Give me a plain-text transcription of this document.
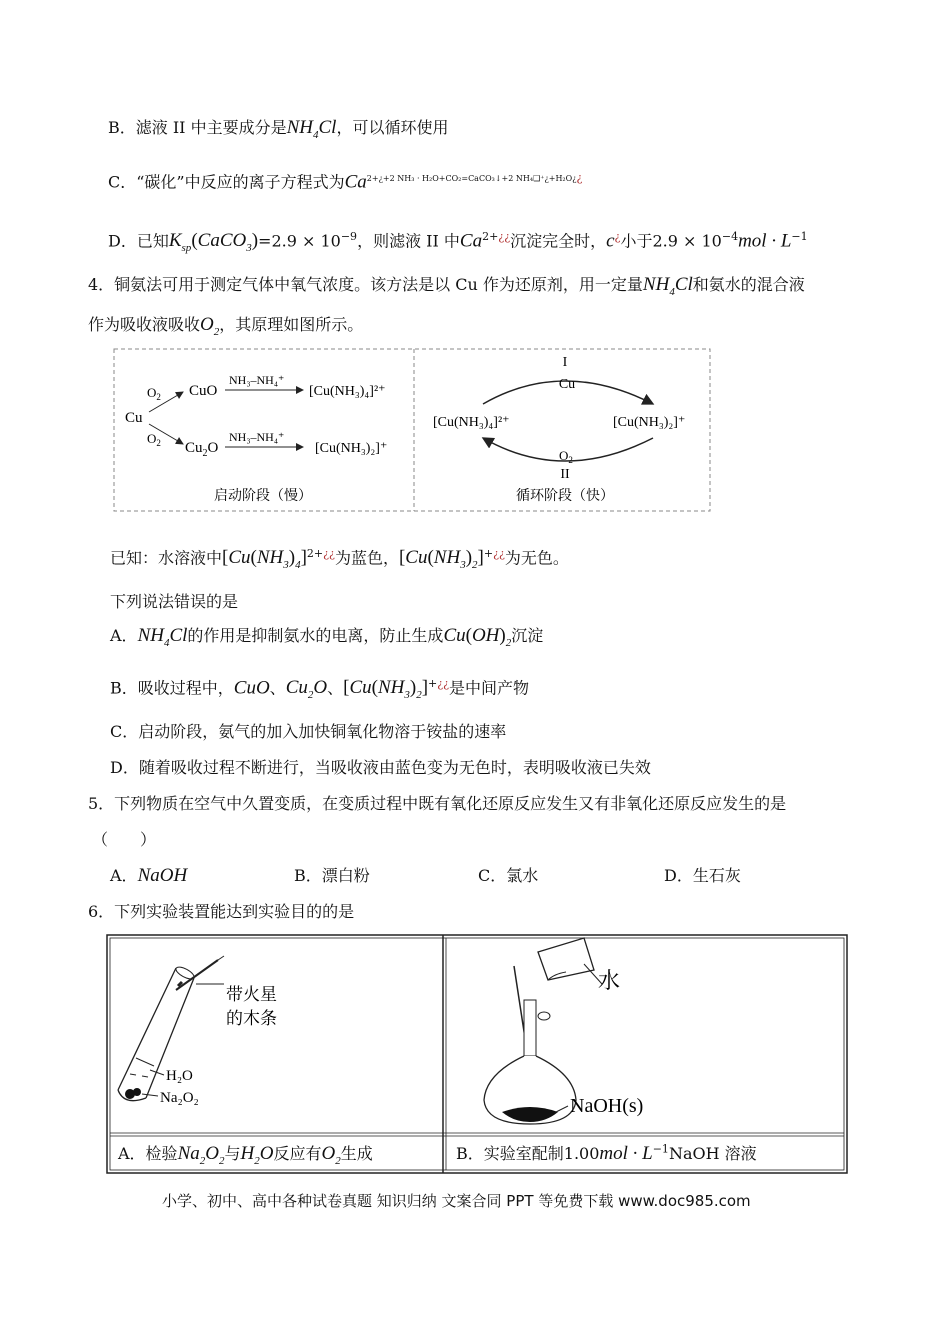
B．滤液 II 中主要成分是$NH_4Cl$，可以循环使用
C．“碳化”中反应的离子方程式为$Ca^{2+¿+2 NH_3 \cdot H_2O+CO_2=CaCO_3↓+2 NH_4❑^+¿+H_2O¿¿}$
D．已知$K_{sp}(CaCO_3)=2.9 \times 10^{-9}$，则滤液 II 中$Ca^{2+¿¿}$沉淀完全时，c¿小于$2.9 \times 10^{-4}mol \cdot L^{-1}$
4．铜氨法可用于测定气体中氧气浓度。该方法是以 Cu 作为还原剂，用一定量$NH_4Cl$和氨水的混合液
作为吸收液吸收$O_2$，其原理如图所示。
Cu
$O_2$
$O_2$
CuO
$Cu_2O$
NH₃–NH₄⁺
NH₃–NH₄⁺
[Cu(NH₃)₄]²⁺
[Cu(NH₃)₂]⁺
启动阶段（慢）
I
Cu
[Cu(NH₃)₄]²⁺	[Cu(NH₃)₂]⁺
$O_2$
II
循环阶段（快）
已知：水溶液中$[Cu(NH_3)_4]^{2+¿¿}$为蓝色，$[Cu(NH_3)_2]^{+¿¿}$为无色。
下列说法错误的是
A．$NH_4Cl$的作用是抑制氨水的电离，防止生成$Cu(OH)_2$沉淀
B．吸收过程中，CuO、$Cu_2O$、$[Cu(NH_3)_2]^{+¿¿}$是中间产物
C．启动阶段，氨气的加入加快铜氧化物溶于铵盐的速率
D．随着吸收过程不断进行，当吸收液由蓝色变为无色时，表明吸收液已失效
5．下列物质在空气中久置变质，在变质过程中既有氧化还原反应发生又有非氧化还原反应发生的是
（　　）
A．NaOH	B．漂白粉	C．氯水	D．生石灰
6．下列实验装置能达到实验目的的是
带火星
的木条
H₂O
Na₂O₂
水
NaOH(s)
A．检验$Na_2O_2$与$H_2O$反应有$O_2$生成	B．实验室配制$1.00mol \cdot L^{-1}NaOH$ 溶液
小学、初中、高中各种试卷真题 知识归纳 文案合同 PPT 等免费下载 www.doc985.com
